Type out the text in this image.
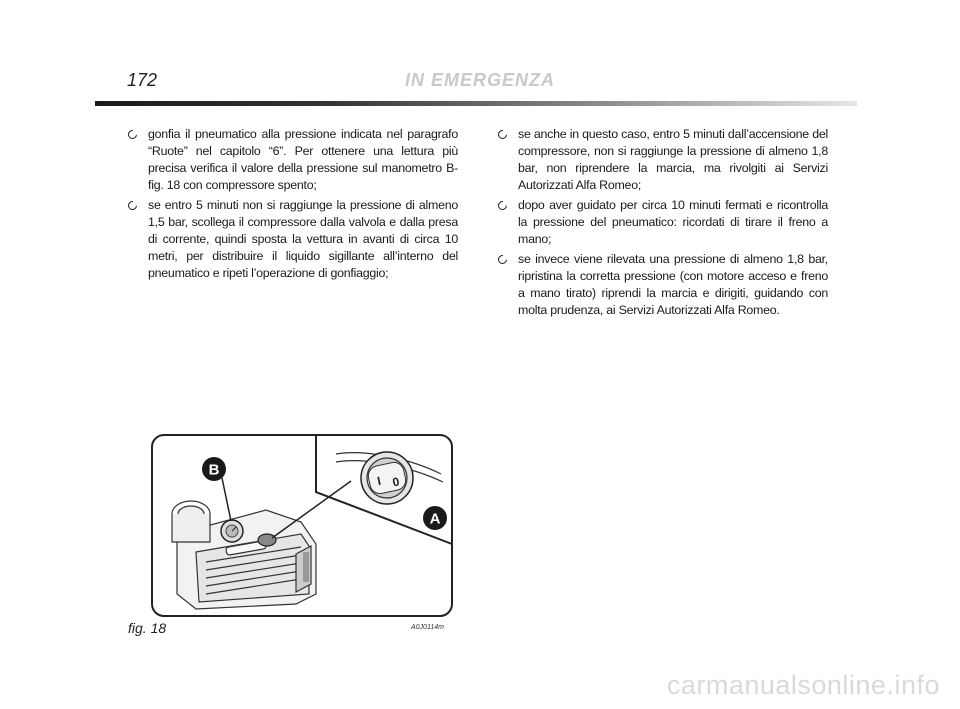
172	IN EMERGENZA
gonfia il pneumatico alla pressione indicata nel paragrafo “Ruote” nel capitolo “6”. Per ottenere una lettura più precisa verifica il valore della pressione sul manometro B-fig. 18 con compressore spento;
se entro 5 minuti non si raggiunge la pressione di almeno 1,5 bar, scollega il compressore dalla valvola e dalla presa di corrente, quindi sposta la vettura in avanti di circa 10 metri, per distribuire il liquido sigillante all’interno del pneumatico e ripeti l’operazione di gonfiaggio;
se anche in questo caso, entro 5 minuti dall’accensione del compressore, non si raggiunge la pressione di almeno 1,8 bar, non riprendere la marcia, ma rivolgiti ai Servizi Autorizzati Alfa Romeo;
dopo aver guidato per circa 10 minuti fermati e ricontrolla la pressione del pneumatico: ricordati di tirare il freno a mano;
se invece viene rilevata una pressione di almeno 1,8 bar, ripristina la corretta pressione (con motore acceso e freno a mano tirato) riprendi la marcia e dirigiti, guidando con molta prudenza, ai Servizi Autorizzati Alfa Romeo.
B
I 0
A
fig. 18	A0J0114m
carmanualsonline.info
